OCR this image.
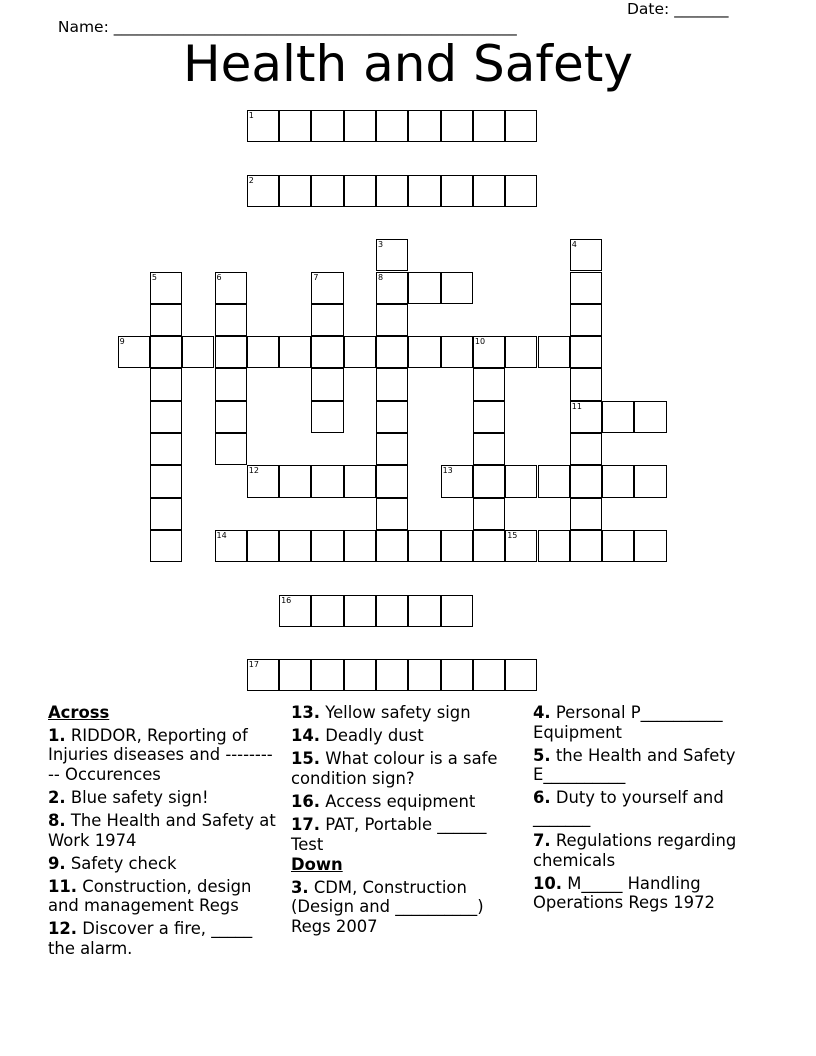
Name: ____________________________________________________

Date: _______

Health and Safety
1
2
8
9	10
11
12	13
14	15
16
17
3	4
5	6	7

Across

1. RIDDOR, Reporting of Injuries diseases and ---------- Occurences

2. Blue safety sign!

8. The Health and Safety at Work 1974

9. Safety check

11. Construction, design and management Regs

12. Discover a fire, _____ the alarm.

13. Yellow safety sign

14. Deadly dust

15. What colour is a safe condition sign?

16. Access equipment

17. PAT, Portable ______ Test

Down

3. CDM, Construction (Design and __________) Regs 2007

4. Personal P__________ Equipment

5. the Health and Safety E__________

6. Duty to yourself and _______

7. Regulations regarding chemicals

10. M_____ Handling Operations Regs 1972
